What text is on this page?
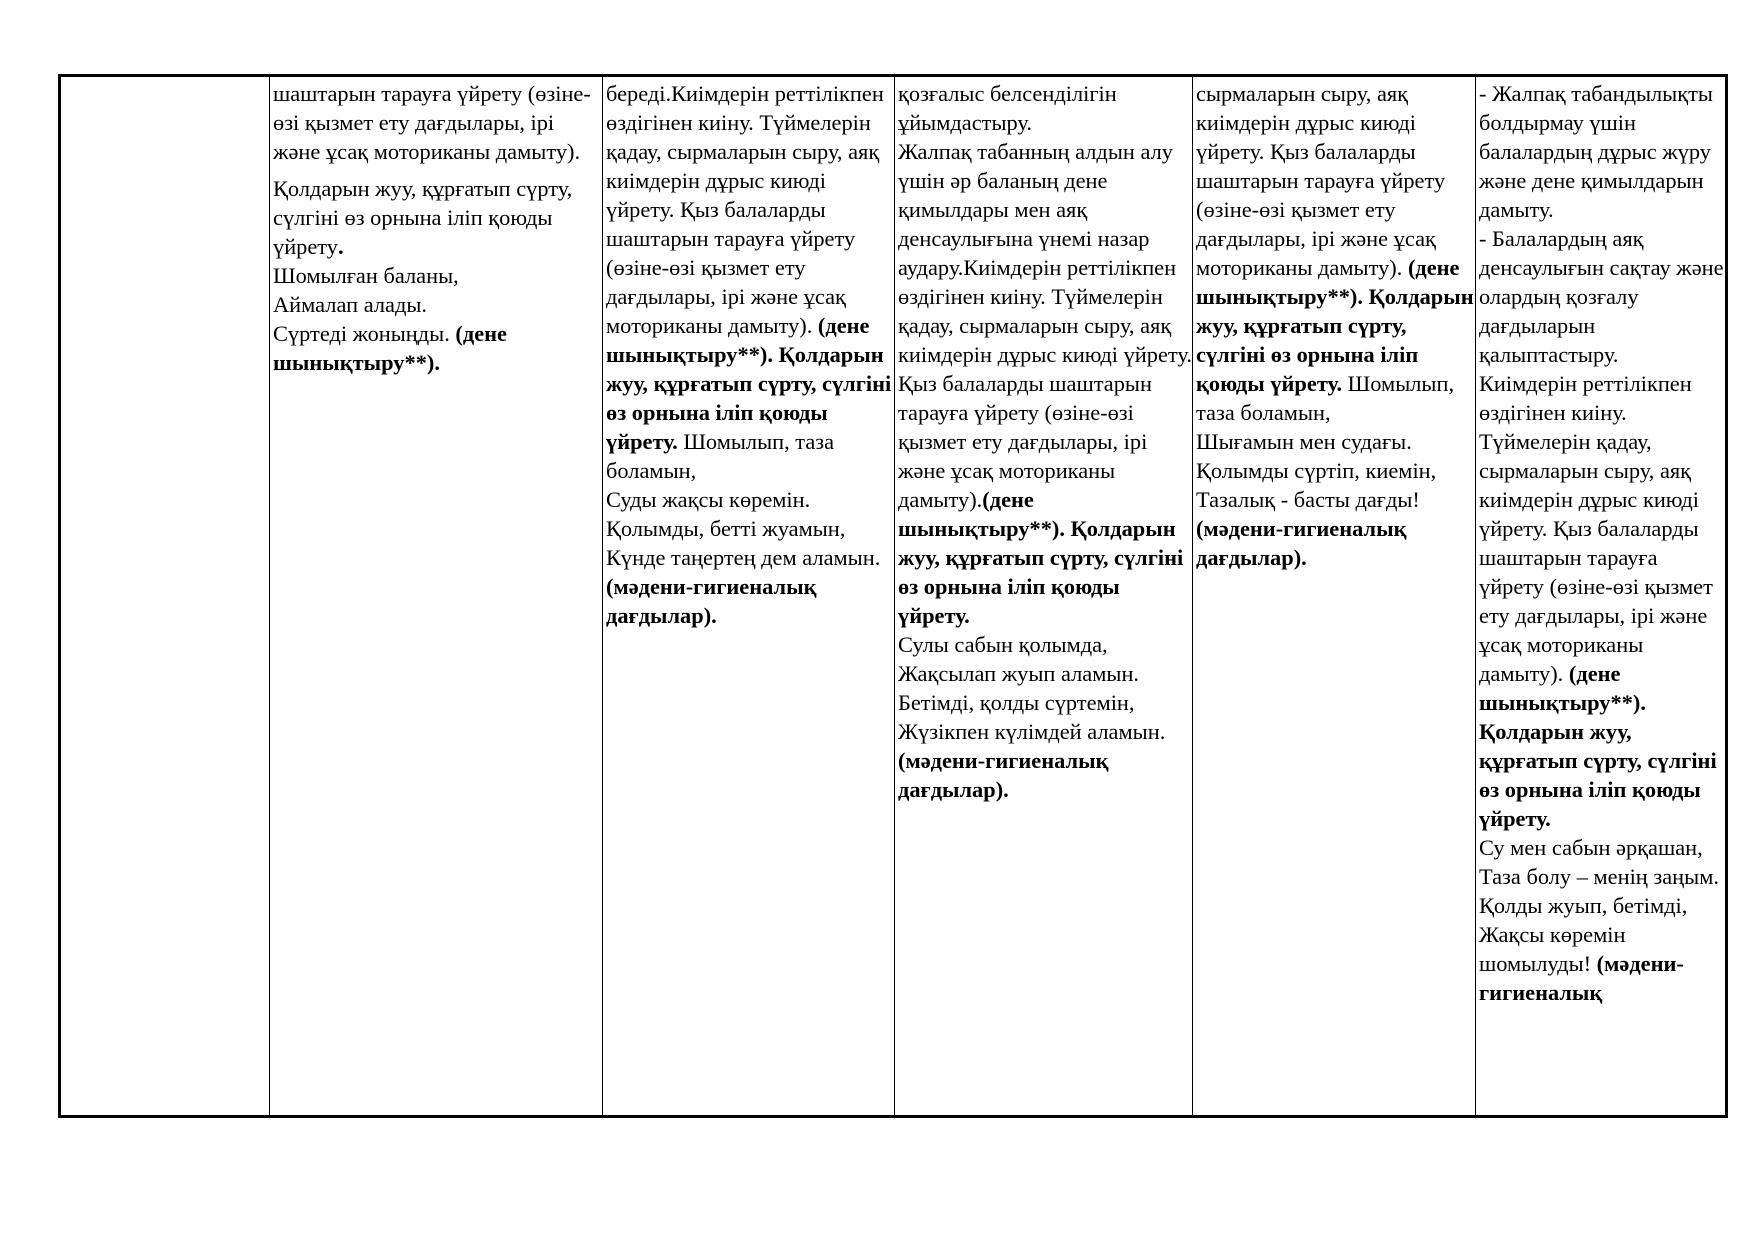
шаштарын тарауға үйрету (өзіне-өзі қызмет ету дағдылары, ірі және ұсақ моториканы дамыту).

Қолдарын жуу, құрғатып сүрту, сүлгіні өз орнына іліп қоюды үйрету.

Шомылған баланы,

Аймалап алады.

Сүртеді жоныңды. (дене шынықтыру**).

береді.Киімдерін реттілікпен өздігінен киіну. Түймелерін қадау, сырмаларын сыру, аяқ киімдерін дұрыс киюді үйрету. Қыз балаларды шаштарын тарауға үйрету (өзіне-өзі қызмет ету дағдылары, ірі және ұсақ моториканы дамыту). (дене шынықтыру**). Қолдарын жуу, құрғатып сүрту, сүлгіні өз орнына іліп қоюды үйрету. Шомылып, таза боламын,

Суды жақсы көремін.

Қолымды, бетті жуамын,

Күнде таңертең дем аламын.

(мәдени-гигиеналық дағдылар).

қозғалыс белсенділігін ұйымдастыру.

Жалпақ табанның алдын алу үшін әр баланың дене қимылдары мен аяқ денсаулығына үнемі назар аудару.Киімдерін реттілікпен өздігінен киіну. Түймелерін қадау, сырмаларын сыру, аяқ киімдерін дұрыс киюді үйрету. Қыз балаларды шаштарын тарауға үйрету (өзіне-өзі қызмет ету дағдылары, ірі және ұсақ моториканы дамыту).(дене шынықтыру**). Қолдарын жуу, құрғатып сүрту, сүлгіні өз орнына іліп қоюды үйрету.

Сулы сабын қолымда,

Жақсылап жуып аламын.

Бетімді, қолды сүртемін,

Жүзікпен күлімдей аламын.

(мәдени-гигиеналық дағдылар).

сырмаларын сыру, аяқ киімдерін дұрыс киюді үйрету. Қыз балаларды шаштарын тарауға үйрету (өзіне-өзі қызмет ету дағдылары, ірі және ұсақ моториканы дамыту). (дене шынықтыру**). Қолдарын жуу, құрғатып сүрту, сүлгіні өз орнына іліп қоюды үйрету. Шомылып, таза боламын,

Шығамын мен судағы.

Қолымды сүртіп, киемін,

Тазалық - басты дағды!

(мәдени-гигиеналық дағдылар).

- Жалпақ табандылықты болдырмау үшін балалардың дұрыс жүру және дене қимылдарын дамыту.

- Балалардың аяқ денсаулығын сақтау және олардың қозғалу дағдыларын қалыптастыру.

Киімдерін реттілікпен өздігінен киіну. Түймелерін қадау, сырмаларын сыру, аяқ киімдерін дұрыс киюді үйрету. Қыз балаларды шаштарын тарауға үйрету (өзіне-өзі қызмет ету дағдылары, ірі және ұсақ моториканы дамыту). (дене шынықтыру**). Қолдарын жуу, құрғатып сүрту, сүлгіні өз орнына іліп қоюды үйрету.

Су мен сабын әрқашан,

Таза болу – менің заңым.

Қолды жуып, бетімді,

Жақсы көремін шомылуды! (мәдени-гигиеналық
